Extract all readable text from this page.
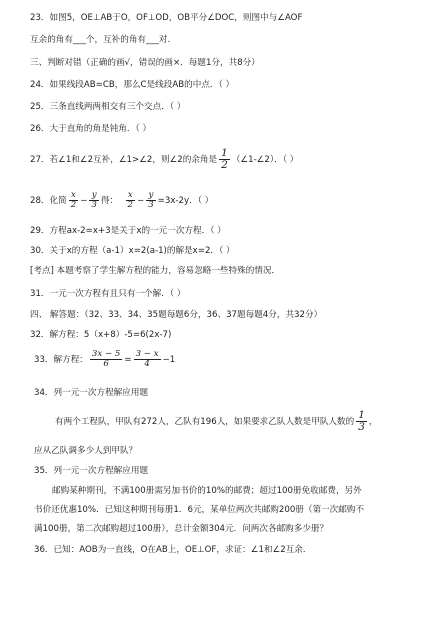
23．如图5，OE⊥AB于O，OF⊥OD，OB平分∠DOC，则图中与∠AOF
互余的角有___个，互补的角有___对.
三、判断对错（正确的画√，错误的画×．每题1分，共8分）
24．如果线段AB=CB，那么C是线段AB的中点．（ ）
25．三条直线两两相交有三个交点．（ ）
26．大于直角的角是钝角．（ ）
27．若∠1和∠2互补，∠1>∠2，则∠2的余角是 $\frac{1}{2}$ （∠1-∠2）．（ ）
28．化简 $\frac{x}{2} - \frac{y}{3}$ 得： $\frac{x}{2} - \frac{y}{3} =3x-2y$．（ ）
29．方程ax-2=x+3是关于x的一元一次方程．（ ）
30．关于x的方程（a-1）x=2(a-1)的解是x=2．（ ）
[考点] 本题考察了学生解方程的能力，容易忽略一些特殊的情况．
31．一元一次方程有且只有一个解．（ ）
四、 解答题：（32、33、34、35题每题6分，36、37题每题4分，共32分）
32．解方程：5（x+8）-5=6(2x-7)
33．解方程： $\frac{3x - 5}{6} = \frac{3 - x}{4} -1$
34．列一元一次方程解应用题
有两个工程队，甲队有272人，乙队有196人，如果要求乙队人数是甲队人数的 $\frac{1}{3}$ ，
应从乙队调多少人到甲队？
35．列一元一次方程解应用题
邮购某种期刊，不满100册需另加书价的10%的邮费；超过100册免收邮费，另外
书价还优惠10%．已知这种期刊每册1．6元，某单位两次共邮购200册（第一次邮购不
满100册，第二次邮购超过100册），总计金额304元．问两次各邮购多少册？
36．已知：AOB为一直线，O在AB上，OE⊥OF，求证：∠1和∠2互余．
